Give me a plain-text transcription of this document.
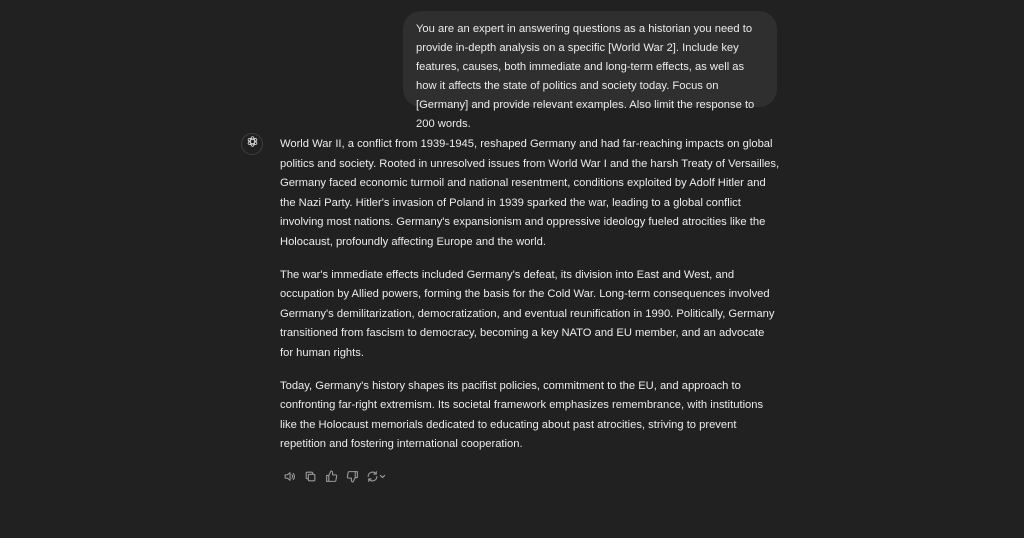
You are an expert in answering questions as a historian you need to provide in-depth analysis on a specific [World War 2]. Include key features, causes, both immediate and long-term effects, as well as how it affects the state of politics and society today. Focus on [Germany] and provide relevant examples. Also limit the response to 200 words.

World War II, a conflict from 1939-1945, reshaped Germany and had far-reaching impacts on global politics and society. Rooted in unresolved issues from World War I and the harsh Treaty of Versailles, Germany faced economic turmoil and national resentment, conditions exploited by Adolf Hitler and the Nazi Party. Hitler's invasion of Poland in 1939 sparked the war, leading to a global conflict involving most nations. Germany's expansionism and oppressive ideology fueled atrocities like the Holocaust, profoundly affecting Europe and the world.

The war's immediate effects included Germany's defeat, its division into East and West, and occupation by Allied powers, forming the basis for the Cold War. Long-term consequences involved Germany's demilitarization, democratization, and eventual reunification in 1990. Politically, Germany transitioned from fascism to democracy, becoming a key NATO and EU member, and an advocate for human rights.

Today, Germany's history shapes its pacifist policies, commitment to the EU, and approach to confronting far-right extremism. Its societal framework emphasizes remembrance, with institutions like the Holocaust memorials dedicated to educating about past atrocities, striving to prevent repetition and fostering international cooperation.
